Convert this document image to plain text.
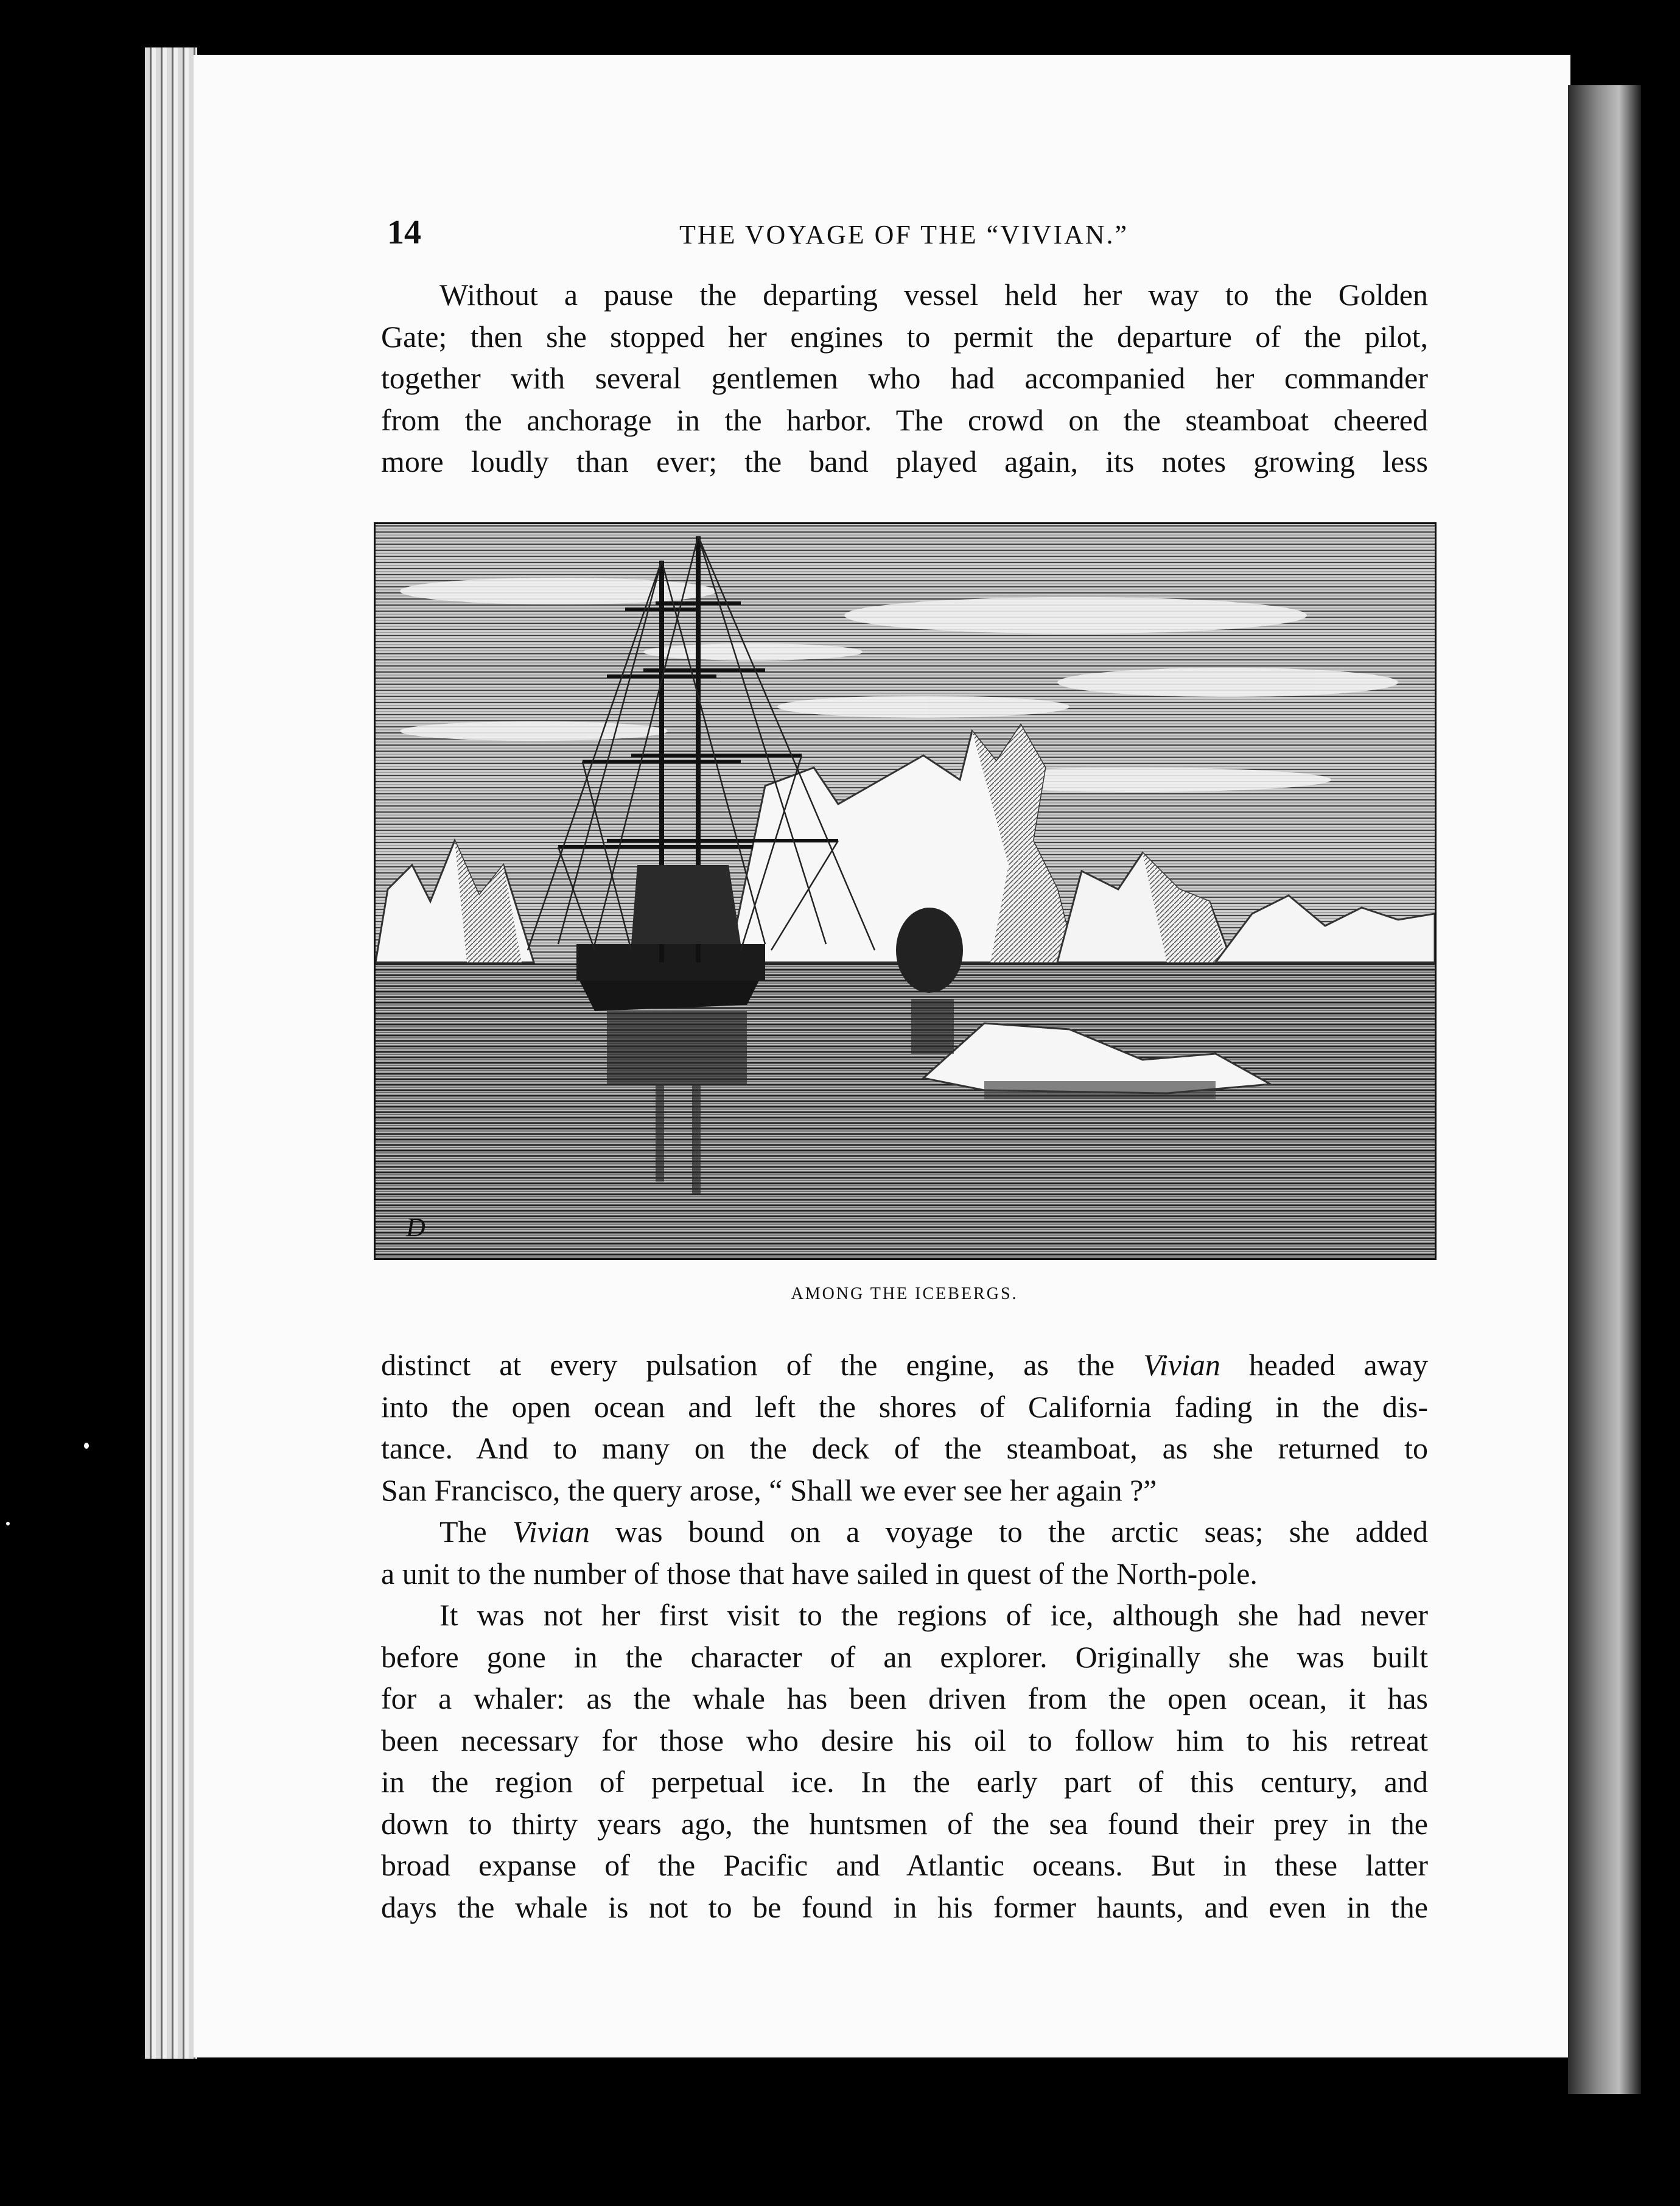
14	THE VOYAGE OF THE “VIVIAN.”
Without a pause the departing vessel held her way to the Golden
Gate; then she stopped her engines to permit the departure of the pilot,
together with several gentlemen who had accompanied her commander
from the anchorage in the harbor. The crowd on the steamboat cheered
more loudly than ever; the band played again, its notes growing less
D
AMONG THE ICEBERGS.
distinct at every pulsation of the engine, as the Vivian headed away
into the open ocean and left the shores of California fading in the dis-
tance. And to many on the deck of the steamboat, as she returned to
San Francisco, the query arose, “ Shall we ever see her again ?”
The Vivian was bound on a voyage to the arctic seas; she added
a unit to the number of those that have sailed in quest of the North-pole.
It was not her first visit to the regions of ice, although she had never
before gone in the character of an explorer. Originally she was built
for a whaler: as the whale has been driven from the open ocean, it has
been necessary for those who desire his oil to follow him to his retreat
in the region of perpetual ice. In the early part of this century, and
down to thirty years ago, the huntsmen of the sea found their prey in the
broad expanse of the Pacific and Atlantic oceans. But in these latter
days the whale is not to be found in his former haunts, and even in the
